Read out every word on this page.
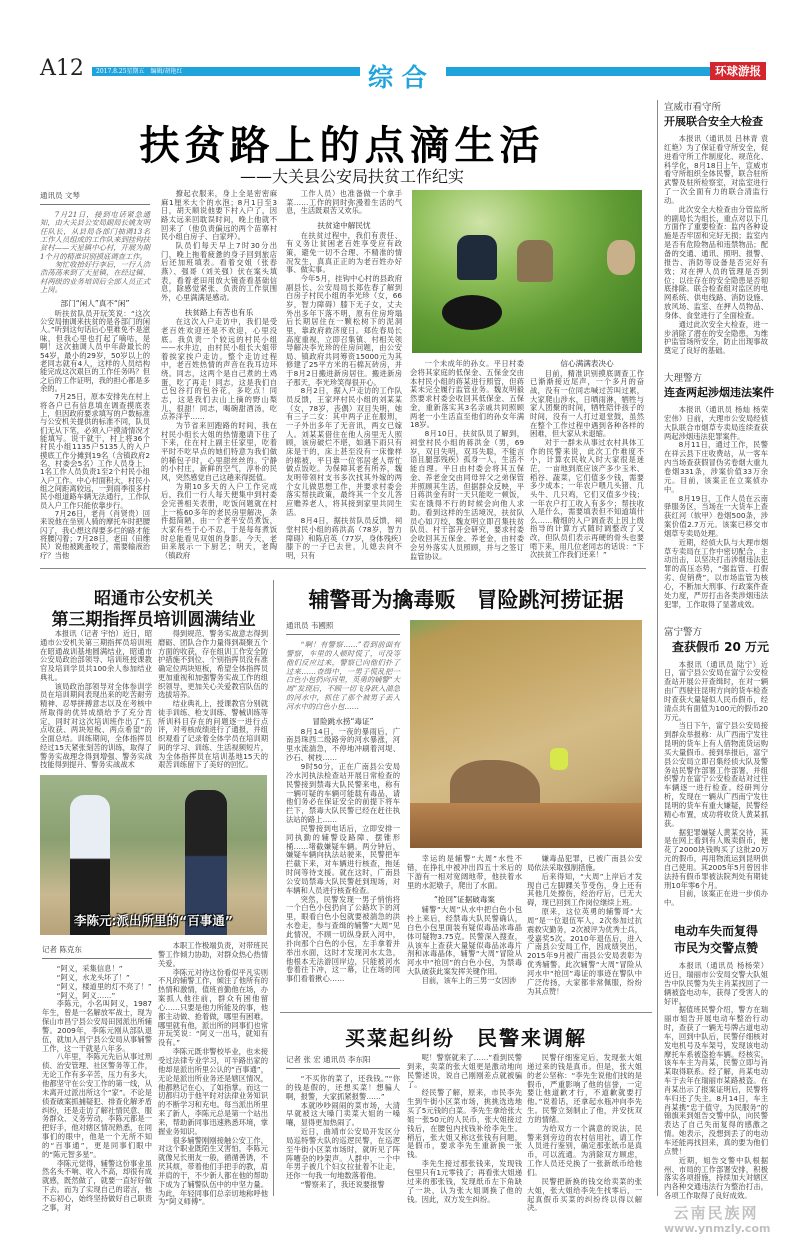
A12 2017.8.25星期五　编辑/胡艳红	综 合	环球游报
扶贫路上的点滴生活
——大关县公安局扶贫工作纪实
通讯员 文琴

7月21日，接到电话紧急通知，由大关县公安局副局长姚友明任队长，从县局各部门抽调13名工作人员组成的工作队来到挂钩扶贫村——天星镇中心村，开展为期1个月的精准识别摸底调查工作。

匆忙收拾好行李后，一行人浩浩荡荡来到了天星镇，在经过镇、村两级的业务培训后全部人员正式上岗。

部门“闲人”真不“闲”

听扶贫队员开玩笑说：“这次公安局抽调来扶贫的是各部门的闲人。”听到这句话后心里难免不是滋味，但我心里也打起了嘀咕，是啊！这次抽调人员中年龄最长的54岁，最小的29岁，50岁以上的老同志就有4人，这样的人员结构能完成这次艰巨的工作任务吗？但之后的工作证明，我的担心都是多余的。

7月25日，原本安排先在村上将各户已有信息填在调查摸底表上，但因政府要求填写的户数标准与公安机关提供的标准不同，队员们无从下笔，必须入户摸清情况才能填写。说干就干，村上将36个村民小组1135户5135人的入户摸底工作分摊到19名（含镇政府2名、村委会5名）工作人员身上，1名工作人员负责1至2个村民小组入户工作。中心村面积大，村民小组之间距离较远，一到雨季很多村民小组道路车辆无法通行，工作队员入户工作只能依靠步行。

7月26日，老肖（肖贤贵）回来说他在坐别人骑的摩托车时把腰闪了，我心想这得要多烂的路才能将腰闪着；7月28日，老田（田维民）说他被跳蚤咬了，需要输液治疗？当他

撩起衣服来，身上全是密密麻麻1厘米大个的水泡；8月1日至3日，胡天顺说他要下村入户了，因路太远来回耽误时间，晚上他就不回来了（他负责偏远的两个苗寨村民小组白房子、白家坪）。

队员们每天早上7时30分出门，晚上拖着疲惫的身子回到旅店后还加班填表。看着交姐（张春燕）、强哥（刘关强）伏在案头填表，看着老田用放大镜查看基础信息，除感觉紧张、负责的工作氛围外，心里满满是感动。

扶贫路上有苦也有乐

在这次入户走访中，我们是受老百姓欢迎还是不欢迎，心里没底。我负责一个较远的村民小组——水井边，由村民小组长大姐带着挨家挨户走访。整个走访过程中，老百姓热情的声音在我耳边环绕。同志，这两个是自己煮的土鸡蛋，吃了再走！同志，这是我们自己包谷打的包谷花，多吃点！同志，这是我们去山上摘的野山梨儿，很甜！同志，喝碗甜酒汤，吃点荞洋芋……

为节省来回跑路的时间，我在村民小组长大姐的热情邀请下住了下来，住在村上副主任家里，吃着平时不吃早点的她们特意为我们做的稀包子时，心里甜丝丝的。宁静的小村庄，新鲜的空气，淳朴的民风，突然感觉自己这趟来得挺值。

为期10多天的入户工作完成后，我们一行人每天便集中到村委会完善相关表册，吃饭问题就在村上一栋60多年的老民房里解决，条件挺简陋，由一个老平安员煮饭，大家有些于心不忍，于是每每煮饭时总能看见双姐的身影。今天，老田来展示一下厨艺；明天，老陶（镇政府

工作人员）也准备做一个拿手菜……工作的同时弥漫着生活的气息，生活既艰苦又欢乐。

扶贫途中解民忧

在扶贫过程中，我们有责任、有义务让贫困老百姓享受应有政策，避免一切不合理、不精准的情况发生，真真正正的为老百姓办好事、做实事。

今年5月，挂钩中心村的县政府副县长、公安局局长郑佐春了解到白房子村民小组的李光珍（女，66岁，智力障碍）膝下无子女，丈夫外出多年下落不明，原有住房垮塌后长期居住在一颗松树下的泥洞里，靠政府救济度日。郑佐春局长高度重视，立即召集镇、村相关领导解决李光珍的住房问题，由公安局、镇政府共同筹资15000元为其修建了25平方米的石棉瓦砖房，并于8月2日搬进新房居住。搬进新房子那天，李光珍笑得很开心。

8月2日，据入户走访的工作队员反馈，王家坪村民小组的刘某某（女，78岁，丧偶）双目失明，她有三子二女：其中两子正在服刑，一子外出多年了无音讯，两女已嫁人。刘某某借住在他人房里无人照顾，该房破烂不堪，如遇下雨只有床是干的，床上甚至没有一床像样的棉被，平日靠一位邻居老人帮忙做点饭吃。为保障其老有所养，魏友明带领村支书多次找其外嫁的两个女儿做思想工作，并要求村委会落实帮扶政策，最终其一个女儿答应赡养老人，将其接到家里共同生活。

8月4日，据扶贫队员反馈，祠堂村民小组的蒋洪高（78岁，智力障碍）和陈启英（77岁，身体残疾）膝下的一子已去世，儿媳去向不明，只有

一个未成年的孙女。平日村委会将其家庭的低保金、五保金交由本村民小组的蒋某进行照管，但蒋某未完全履行监管业务。魏友明毅然要求村委会收回其低保金、五保金，重新落实其3名亲戚共同照顾两老一小生活直至他们的孙女年满18岁。

8月10日，扶贫队员了解到，祠堂村民小组的蒋洪金（男，69岁，双目失明，双耳失聪，不能言语且腿部残疾）孤身一人，生活不能自理。平日由村委会将其五保金、养老金交由同母异父之弟保管并照顾其生活，但据群众反映，平日蒋洪金有时一天只能吃一顿饭，实在饿得不行的时候会向他人求助。看到这样的生活境况，扶贫队员心如刀绞，魏友明立即召集扶贫队员、村干部开会研究，要求村委会收回其五保金、养老金，由村委会另外落实人员照顾，并与之签订监管协议。

信心满满表决心

目前，精准识别摸底调查工作已渐渐接近尾声，一个多月的奋战，没有一位同志喊过苦叫过累，大家爬山涉水，日晒雨淋，牺牲与家人团聚的时间，牺牲陪伴孩子的时间，没有一人打过退堂鼓，虽然在整个工作过程中遇到各种各样的困难，但大家从未退缩。

对于一群未从事过农村具体工作的民警来说，此次工作难度不小，计算农民收入时大家很是迷茫，一亩地到底应该产多少玉米、稻谷、蔬菜，它们值多少钱，需要多少成本；一年农户喂几头猪、几头牛、几只鸡，它们又值多少钱；一年农户打工收入有多少；帮扶收入是什么，需要填表但不知道填什么……精细的入户调查表上因上级指导的计算方式随时调整改了又改，但队员们表示再硬的骨头也要啃下来，用几位老同志的话说：“下次扶贫工作我们还来！”

宣威市看守所
开展联合安全大检查

本报讯（通讯员 吕林青 袁红艳）为了保证看守所安全，促进看守所工作制度化、规范化、科学化，8月18日上午，宣威市看守所组织全体民警，联合驻所武警及驻所检察室，对监室进行了一次全面有力的联合清监行动。

此次安全大检查由分管监所的副局长为组长，重点对以下几方面作了重要检查：监内各种设施是否牢固和完好无损；监室内是否有危险物品和违禁物品；配备的交通、通讯、照明、报警、报告、消防等设备是否完好有效；对在押人员的管理是否到位；以往存在的安全隐患是否彻底排除。联合检查组对监区的电网系统、供电线路、消防设施、放风场、监室、在押人员物品、身体、食堂进行了全面检查。

通过此次安全大检查，进一步消除了潜在的安全隐患，为维护监管场所安全，防止出现事故奠定了良好的基础。

大理警方
连查两起涉烟违法案件

本报讯（通讯员 杨灿 杨荣宏伟）日前，大理市公安局经侦大队联合市烟草专卖局连续查获两起涉烟违法犯罪案件。

8月11日，通过工作，民警在祥云县下庄收费站，从一客车内当场查获假冒伪劣卷烟大重九卷烟331条，涉案价值33万余元。目前，该案正在立案侦办中。

8月19日，工作人员在云南驿服务区，当场在一大货车上查获红河（软甲）卷烟500条，涉案价值2.7万元。该案已移交市烟草专卖局处理。

近期，经侦大队与大理市烟草专卖局在工作中密切配合，主动出击，以坚决打击涉烟违法犯罪的高压态势，“强监管、打假劣、促销费”，以市场监管为核心，不断加大刑事、行政案件查处力度，严厉打击各类涉烟违法犯罪，工作取得了显著成效。

富宁警方
查获假币 20 万元

本报讯（通讯员 陆宁）近日，富宁县公安局在富宁公安检查站开展公开查缉时，在对一辆由广西驶往昆明方向的货车检查时查获大量疑似人民币假币，经清点共有面值为100元的假币20万元。

当日下午，富宁县公安局接到群众举报称：从广西南宁发往昆明的货车上有人借物流货运购买大量假币。接到举报后，富宁县公安局立即召集经侦大队及警务站民警作部署工作部署，并组织警力在富宁公安检查站对过往车辆逐一进行检查。经研判分析，发现在一辆从广西南宁发往昆明的货车有重大嫌疑，民警经精心布置，成功将收货人黄某抓获。

据犯罪嫌疑人黄某交待，其是在网上看到有人贩卖假币，便花了2000块钱购买了这批20万元的假币，再用物流运到昆明供自己使用。其2005年5月曾因非法持有假币罪被法院判处有期徒刑10年零6个月。

目前，该案正在进一步侦办中。

电动车失而复得
市民为交警点赞

本报讯（通讯员 杨杨荣）近日，瑞丽市公安局交警大队姐告中队民警为失主肖某找回了一辆被盗电动车，获得了受害人的好评。

据值班民警介绍，警方在瑞丽市姐告开展电动车整治行动时，查获了一辆无号牌占道电动车，回到中队后，民警仔细核对发电机号及车架号，发现该电动摩托车系被盗抢车辆。经核实，该车车主为肖某，民警立即与肖某取得联系。经了解，肖某电动车于去年在瑞丽市某路被盗。在肖某出示了报案证明后，民警将车归还了失主。8月14日，车主肖某携“忠于值守，为民服务”的锦旗来到姐告交警中队，向民警表达了自己失而复得的感激之情。她表示，没想到丢了的电动车还能再找回来，真的要为他们点赞！

近期，姐告交警中队根据州、市局的工作部署安排，积极落实各项措施，持续加大对辖区内各种交通违法行为整治打击，各项工作取得了良好成效。

云南民族网
www.ynmzly.com
昭通市公安机关
第三期指挥员培训圆满结业

本报讯（记者 宇怡）近日，昭通市公安机关第三期指挥员培训班在昭通战训基地圆满结业，昭通市公安局政治部领导、培训班授课教官及培训学员共100余人参加结业典礼。

该局政治部领导对全体参训学员在培训期间表现出来的吃苦耐劳精神、忍辱拼搏意志以及在考核中所取得的优异成绩给予了充分肯定，同时对这次培训班作出了“五点收获、两块短板、两点希望”的全面总结。训练期间，全体指挥员经过15天紧张刻苦的训练，取得了警务实战理念得到增强、警务实战技能得到提升、警务实战战术

得到规范、警务实战意志得到磨砺、团队合作力量得到凝聚五个方面的收获，存在组训工作安全防护措施不到位、个别指挥员没有准确定位两块短板，希望全体指挥员更加重视和加强警务实战工作的组织领导，更加关心关爱教官队伍的选拔培养。

结业典礼上，授课教官分别就徒手训练、枪支训练、警械训练等所训科目存在的问题逐一进行点评，对考核成绩进行了通报，并组织观看了记录着全体学员在培训期间的学习、训练、生活视频短片，为全体指挥员在培训基地15天的艰苦训练留下了美好的回忆。

李陈元:派出所里的“百事通”
记者 陈克东

“阿义，采集信息！”

“阿义，水龙头坏了！”

“阿义，楼道里的灯不亮了！”

“阿义，阿义……”

李陈元，小名叫阿义，1987年生，曾是一名解放军战士，现为保山市昌宁县公安局田园派出所辅警。2009年，李陈元刚从部队退伍，就加入昌宁县公安局从事辅警工作，这一干就是八年多。

八年里，李陈元先后从事过刑侦、治安管理、社区警务等工作，无论工作有多辛苦，压力有多大，他都坚守在公安工作的第一线，从未离开过派出所这个“家”。不论是侦查破案抓捕疑犯、排查化解矛盾纠纷，还是走访了解社情民意、服务群众、义务劳动，李陈元都是一把好手，他对辖区情况熟悉，在同事们的眼中，他是一个无所不知的“百事通”，更是同事们眼中的“陈元智多星”。

李陈元觉得，辅警这份事业虽然名头不响、收入不高，却很有成就感，既然做了，就要一直好好做下去。而为了实现自己的诺言，他不忘初心，始终坚持做好自己职责之事，对

本职工作极端负责，对带班民警工作倾力协助，对群众热心热情关爱。

李陈元对待这份看似平凡实则不凡的辅警工作，倾注了他所有的热情和激情，值班首勤他在场，办案抓人他往前，群众有困他留心……只要是他力所能及的事，他都主动做、抢着做，哪里有困难，哪里就有他，派出所的同事们也常开玩笑说：“阿义一出马，就知有没有。”

李陈元既非警校毕业，也未接受过法律专业学习，可半路出家的他却是派出所里公认的“百事通”，无论是派出所业务还是辖区情况，他都熟记在心，了如指掌。而这一切都归功于他平时对法律业务知识的不断学习和充电。每当派出所里来了新人，李陈元总是第一个站出来，帮助新同事迅速熟悉环境，掌握业务知识。

很多辅警刚刚接触公安工作，对这个职业既陌生又害怕，李陈元就像兄长朋友一般，循循善诱，不厌其烦，带着他们手把手的教，肩并肩的干，不少新人都在他的帮助下成为了辅警队伍中的中坚力量。为此，年轻同事们总亲切地称呼他为“阿义师傅”。

辅警哥为擒毒贩　冒险跳河捞证据
通讯员 韦國照

“啊！有警察……”看到前面有警察，车里的人顿时慌了，可没等他们反应过来，警察已向他们扑了过来……查缉中，一男子慌乱把一白色小包扔向河里，英勇的辅警“大周”发现后，不顾一切飞身跃入湍急的河水中，抓住了那个被男子丢入河水中的白色小包……

冒险跳水捞“毒证”

8月14日，一夜的暴雨后，广南县珠西二级路旁的河水暴涨，河里水流湍急，不停地冲刷着河堤、沙石、树枝……

9时50分，正在广南县公安局冷水河执法检查站开展日常检查的民警接到禁毒大队民警来电，称有一辆可疑的车辆可能载有毒品，请他们务必在保证安全的前提下将车拦下，禁毒大队民警已经在赶往执法站的路上……

民警接到电话后，立即安排一同执勤的辅警设路障、摆锥形桶……堵截嫌疑车辆。两分钟后，嫌疑车辆向执法站驶来，民警把车拦截下来，对车辆进行核查，拖延时间等待支援。就在这时，广南县公安局禁毒大队民警赶到现场，对车辆和人员进行核查检查。

突然，民警发现一男子悄悄将一个白色小包扔向了公路坎下的河里，眼看白色小包就要被湍急的洪水卷走，参与查缉的辅警“大周”见此情况，不顾一切纵身跃入河中，扑向那个白色的小包，左手拿着并举出水面，这时才发现河水太急，他根本无法游回岸边，只能被河水卷着往下冲，这一幕，让在场的同事们看着揪心……

幸运的是辅警“大周”水性不错，在挣扎中被冲出四五十米后的下游有一相对宽阔地带，他扶着水里的水泥墩子，爬出了水面。

“抢回”证据破毒案

辅警“大周”从水中把白色小包拎上来后，经禁毒大队民警确认，白色小包里面装有疑似毒品冰毒晶体可疑物3.75克。民警深入搜查，从该车上查获大量疑似毒品冰毒片剂和冰毒晶体，辅警“大周”冒险从河水中“抢回”的白色小包，为禁毒大队破获此案发挥关键作用。

目前，该车上的三男一女因涉

嫌毒品犯罪，已被广南县公安局依法采取强制措施。

后来得知，“大周”上岸后才发现自己左脚踝关节受伤，身上还有其他几处擦伤，经治疗后，已无大碍，现已回到工作岗位继续上班。

原来，这位英勇的辅警哥“大周”是一位退伍军人，2次参加过抗震救灾勤务，2次被评为优秀士兵，受嘉奖5次。2010年退伍后，进入广南县公安局工作，因成绩突出，2015年9月被广南县公安局表彰为优秀辅警。此次辅警“大周”冒险从河水中“抢回”毒证的事迹在警队中广泛传扬，大家都非常佩服，纷纷为其点赞！

买菜起纠纷　民警来调解
记者 张 宏 通讯员 李东阳

“不买你的菜了，还我钱。”“你的钱是假的，还想买菜！想骗人啊，报警，大家抓紧报警……”

本就吵吵闹闹的菜市场，大清早就被这大嗓门卖菜大姐的一嗓嚷，显得更加热闹了。

近日，曲靖市公安局开发区分局巡特警大队的巡逻民警，在巡逻至牛街小区菜市场时，就听见了阵阵嘈杂的吵架声。人群中，一个中年男子被几个妇女拉扯着不让走，还你一句我一句地数落着他。

“警察来了，我还说要报警

呢！警察就来了……”看到民警到来，卖菜的张大姐更是激动地向民警述说，说自己刚刚差点就被骗了。

经民警了解，原来，市民李先生到牛街小区菜市场，挑挑选选地买了5元钱的白菜。李先生拿给张大姐一张50元的人民币，张大姐接过钱后，在腰包内找钱补给李先生。稍后，张大姐又称这张钱有问题，是假币，要求李先生重新换一张钱。

李先生接过那张钱来，发现钱包里只有1元零钱了；再看张大姐递过来的那张钱，发现纸币左下角缺了一块，认为张大姐调换了他的钱。因此，双方发生纠纷。

民警仔细鉴定后，发现张大姐递过来的钱是真币。但是，张大姐的老公坚称：“李先生说他们找的是假币，严重影响了他的信誉，一定要让他道歉才行，不道歉就要打他。”说着话，还拿起水瓶冲向李先生。民警立刻制止了他，并安抚双方的情绪。

为给双方一个满意的说法，民警来到旁边的农村信用社，请工作人员进行鉴别，确定那张纸币是真币，可以流通。为消除双方顾虑，工作人员还兑换了一张新纸币给他们。

民警把新换的钱交给卖菜的张大姐，张大姐给李先生找零后，一起真假币买菜的纠纷终以得以解决。
